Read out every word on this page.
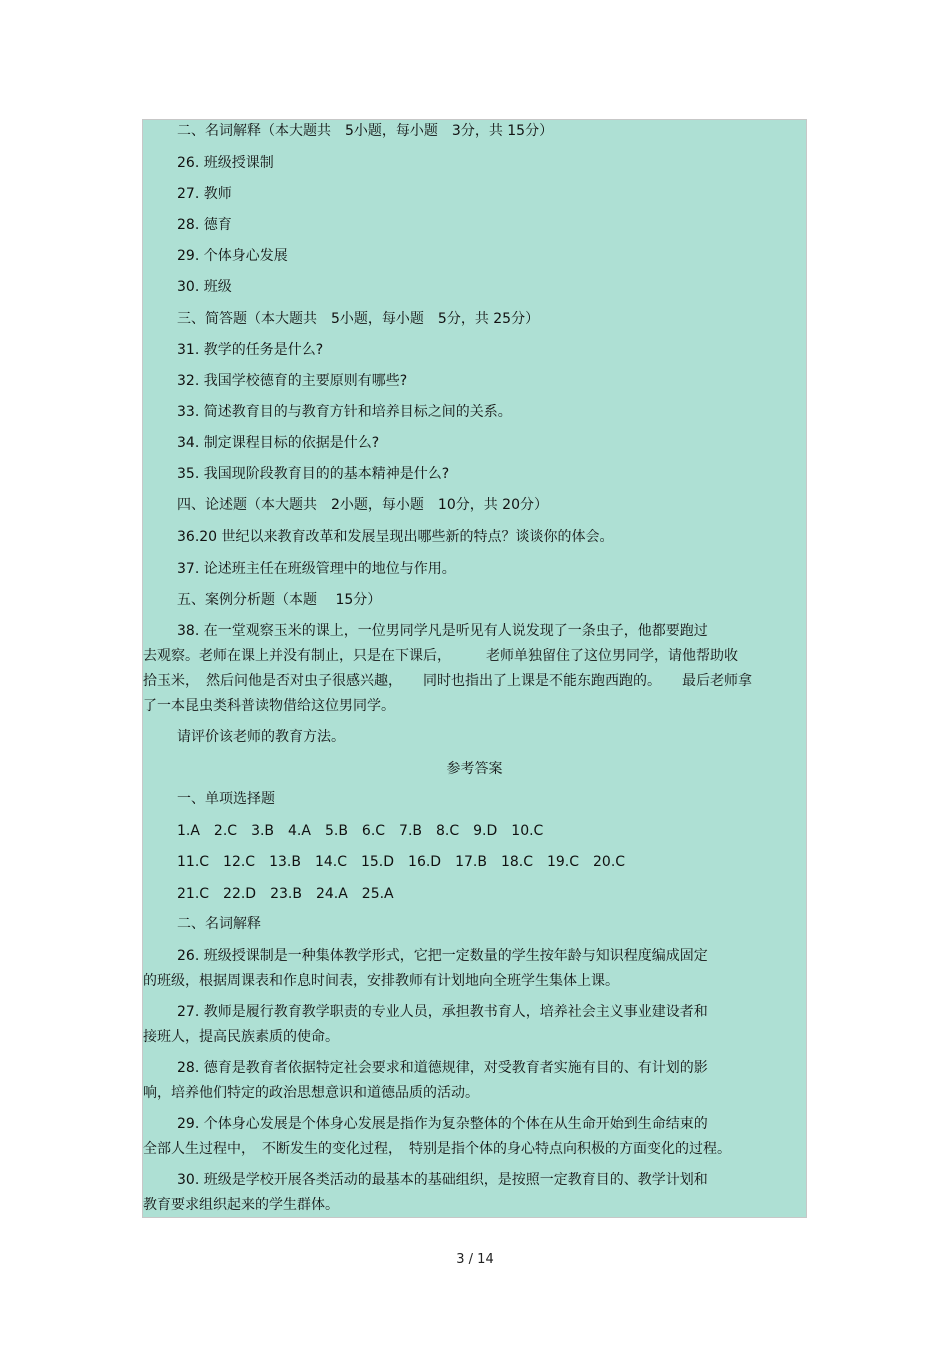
二、名词解释（本大题共　5小题，每小题　3分，共 15分）

26. 班级授课制

27. 教师

28. 德育

29. 个体身心发展

30. 班级

三、简答题（本大题共　5小题，每小题　5分，共 25分）

31. 教学的任务是什么?

32. 我国学校德育的主要原则有哪些?

33. 简述教育目的与教育方针和培养目标之间的关系。

34. 制定课程目标的依据是什么?

35. 我国现阶段教育目的的基本精神是什么?

四、论述题（本大题共　2小题，每小题　10分，共 20分）

36.20 世纪以来教育改革和发展呈现出哪些新的特点？谈谈你的体会。

37. 论述班主任在班级管理中的地位与作用。

五、案例分析题（本题　 15分）

38. 在一堂观察玉米的课上，一位男同学凡是听见有人说发现了一条虫子，他都要跑过

去观察。老师在课上并没有制止，只是在下课后，　　　老师单独留住了这位男同学，请他帮助收

拾玉米，　然后问他是否对虫子很感兴趣，　　同时也指出了上课是不能东跑西跑的。　　最后老师拿

了一本昆虫类科普读物借给这位男同学。

请评价该老师的教育方法。

参考答案

一、单项选择题

1.A　2.C　3.B　4.A　5.B　6.C　7.B　8.C　9.D　10.C

11.C　12.C　13.B　14.C　15.D　16.D　17.B　18.C　19.C　20.C

21.C　22.D　23.B　24.A　25.A

二、名词解释

26. 班级授课制是一种集体教学形式，它把一定数量的学生按年龄与知识程度编成固定

的班级，根据周课表和作息时间表，安排教师有计划地向全班学生集体上课。

27. 教师是履行教育教学职责的专业人员，承担教书育人，培养社会主义事业建设者和

接班人，提高民族素质的使命。

28. 德育是教育者依据特定社会要求和道德规律，对受教育者实施有目的、有计划的影

响，培养他们特定的政治思想意识和道德品质的活动。

29. 个体身心发展是个体身心发展是指作为复杂整体的个体在从生命开始到生命结束的

全部人生过程中，　不断发生的变化过程，　特别是指个体的身心特点向积极的方面变化的过程。

30. 班级是学校开展各类活动的最基本的基础组织，是按照一定教育目的、教学计划和

教育要求组织起来的学生群体。

3 / 14
